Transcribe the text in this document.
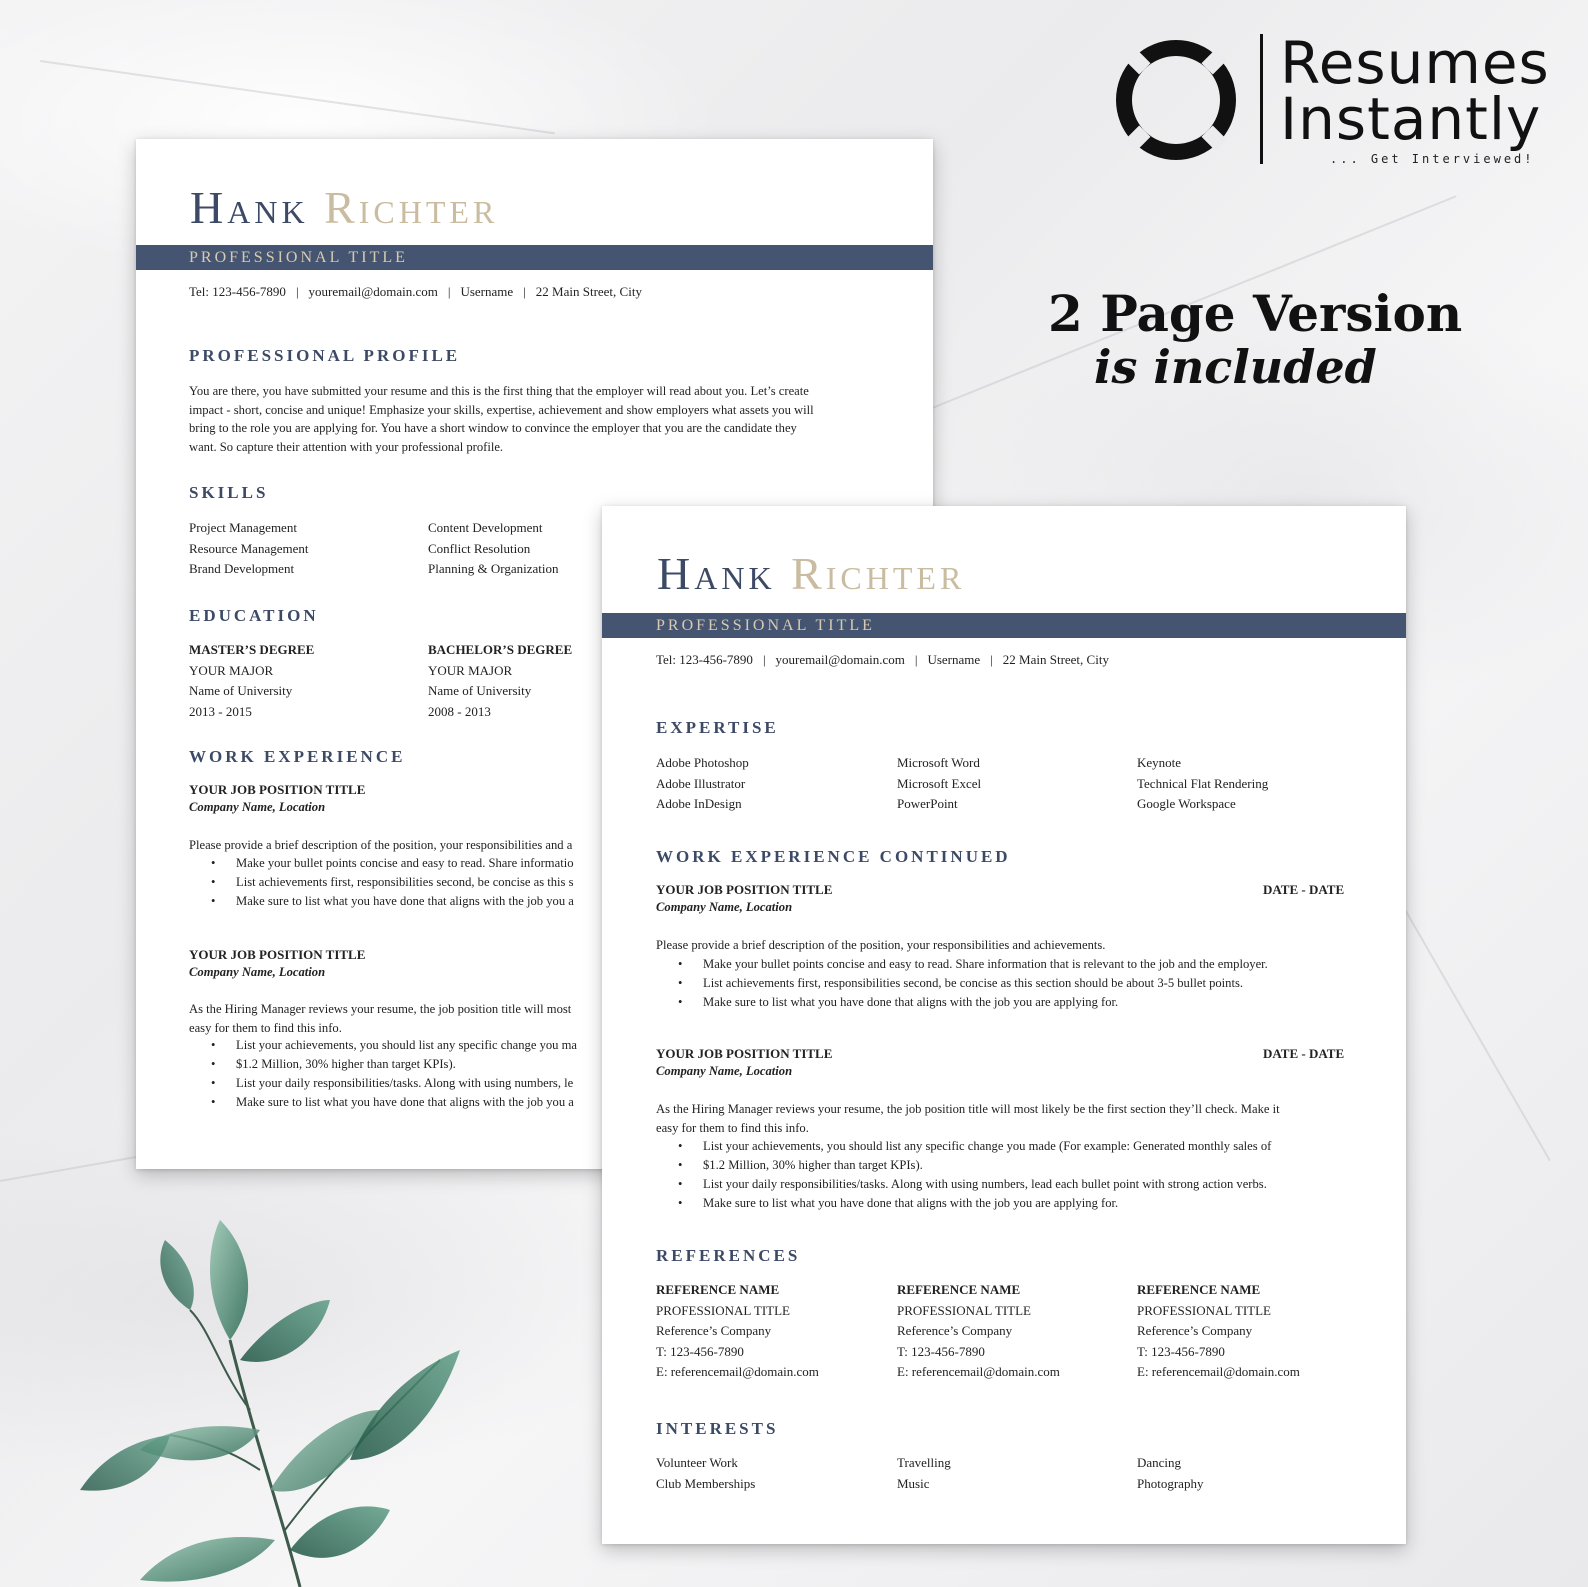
Resumes
Instantly
... Get Interviewed!
2 Page Version
is included
Hank Richter
PROFESSIONAL TITLE
Tel: 123-456-7890 | youremail@domain.com | Username | 22 Main Street, City
PROFESSIONAL PROFILE
You are there, you have submitted your resume and this is the first thing that the employer will read about you. Let’s create
impact - short, concise and unique! Emphasize your skills, expertise, achievement and show employers what assets you will
bring to the role you are applying for. You have a short window to convince the employer that you are the candidate they
want. So capture their attention with your professional profile.
SKILLS
Project Management
Resource Management
Brand Development
Content Development
Conflict Resolution
Planning & Organization
EDUCATION
MASTER’S DEGREE
YOUR MAJOR
Name of University
2013 - 2015
BACHELOR’S DEGREE
YOUR MAJOR
Name of University
2008 - 2013
WORK EXPERIENCE
YOUR JOB POSITION TITLE
Company Name, Location
Please provide a brief description of the position, your responsibilities and a
• Make your bullet points concise and easy to read. Share informatio
• List achievements first, responsibilities second, be concise as this s
• Make sure to list what you have done that aligns with the job you a
YOUR JOB POSITION TITLE
Company Name, Location
As the Hiring Manager reviews your resume, the job position title will most
easy for them to find this info.
• List your achievements, you should list any specific change you ma
• $1.2 Million, 30% higher than target KPIs).
• List your daily responsibilities/tasks. Along with using numbers, le
• Make sure to list what you have done that aligns with the job you a
Hank Richter
PROFESSIONAL TITLE
Tel: 123-456-7890 | youremail@domain.com | Username | 22 Main Street, City
EXPERTISE
Adobe Photoshop
Adobe Illustrator
Adobe InDesign
Microsoft Word
Microsoft Excel
PowerPoint
Keynote
Technical Flat Rendering
Google Workspace
WORK EXPERIENCE CONTINUED
YOUR JOB POSITION TITLE	DATE - DATE
Company Name, Location
Please provide a brief description of the position, your responsibilities and achievements.
• Make your bullet points concise and easy to read. Share information that is relevant to the job and the employer.
• List achievements first, responsibilities second, be concise as this section should be about 3-5 bullet points.
• Make sure to list what you have done that aligns with the job you are applying for.
YOUR JOB POSITION TITLE	DATE - DATE
Company Name, Location
As the Hiring Manager reviews your resume, the job position title will most likely be the first section they’ll check. Make it
easy for them to find this info.
• List your achievements, you should list any specific change you made (For example: Generated monthly sales of
• $1.2 Million, 30% higher than target KPIs).
• List your daily responsibilities/tasks. Along with using numbers, lead each bullet point with strong action verbs.
• Make sure to list what you have done that aligns with the job you are applying for.
REFERENCES
REFERENCE NAME
PROFESSIONAL TITLE
Reference’s Company
T: 123-456-7890
E: referencemail@domain.com
REFERENCE NAME
PROFESSIONAL TITLE
Reference’s Company
T: 123-456-7890
E: referencemail@domain.com
REFERENCE NAME
PROFESSIONAL TITLE
Reference’s Company
T: 123-456-7890
E: referencemail@domain.com
INTERESTS
Volunteer Work
Club Memberships
Travelling
Music
Dancing
Photography
